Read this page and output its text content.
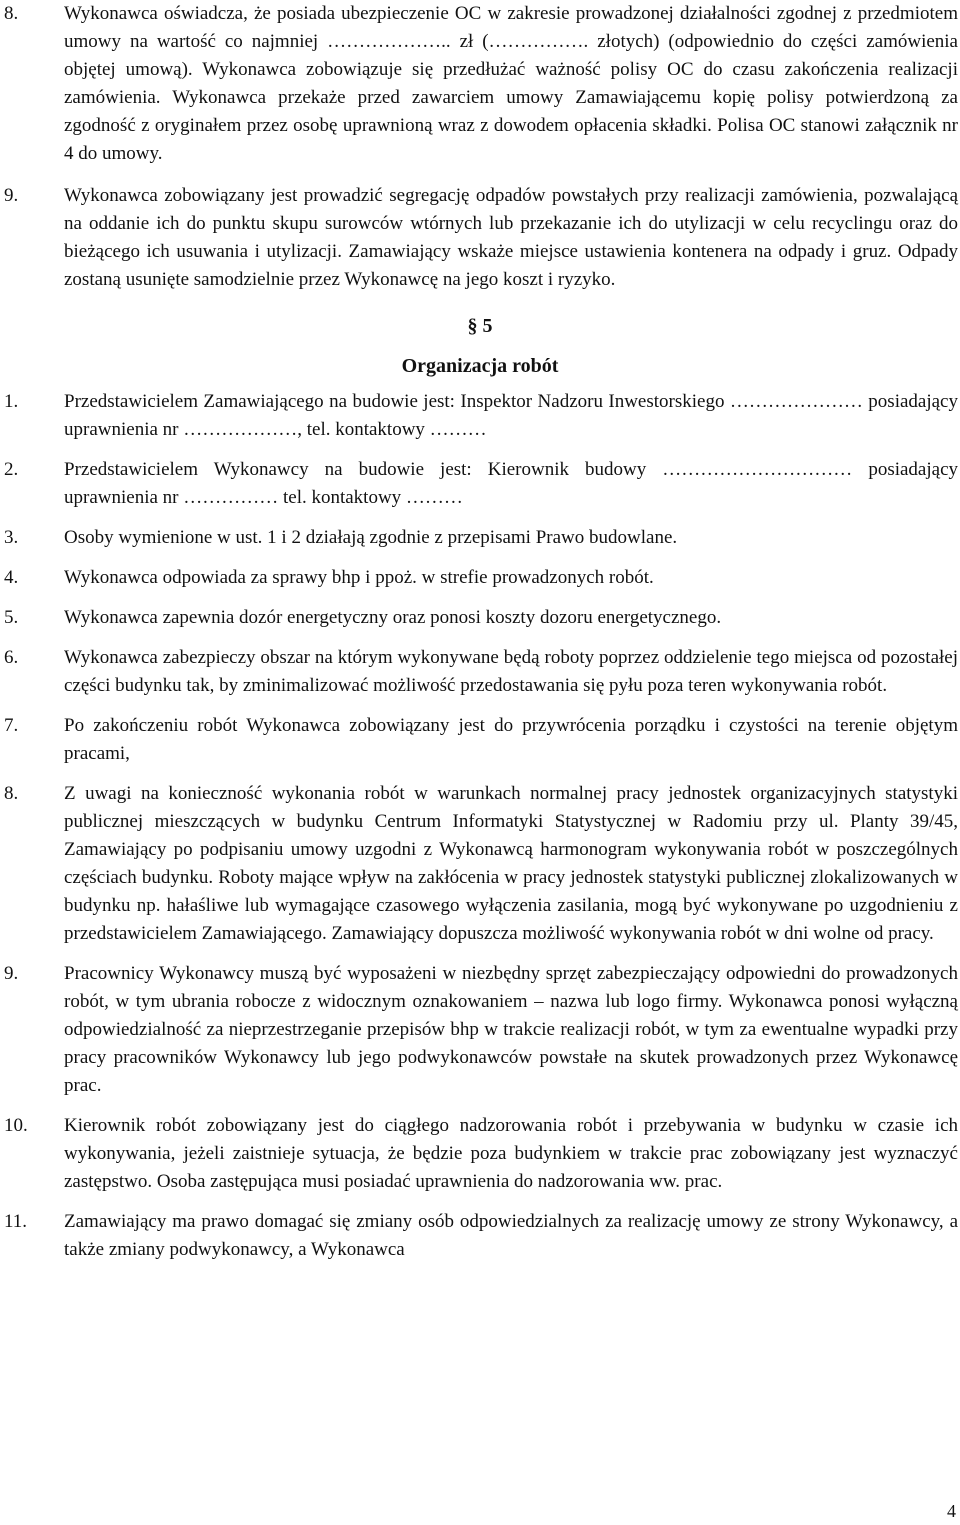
8. Wykonawca oświadcza, że posiada ubezpieczenie OC w zakresie prowadzonej działalności zgodnej z przedmiotem umowy na wartość co najmniej ……………….. zł (……………. złotych) (odpowiednio do części zamówienia objętej umową). Wykonawca zobowiązuje się przedłużać ważność polisy OC do czasu zakończenia realizacji zamówienia. Wykonawca przekaże przed zawarciem umowy Zamawiającemu kopię polisy potwierdzoną za zgodność z oryginałem przez osobę uprawnioną wraz z dowodem opłacenia składki. Polisa OC stanowi załącznik nr 4 do umowy.
9. Wykonawca zobowiązany jest prowadzić segregację odpadów powstałych przy realizacji zamówienia, pozwalającą na oddanie ich do punktu skupu surowców wtórnych lub przekazanie ich do utylizacji w celu recyclingu oraz do bieżącego ich usuwania i utylizacji. Zamawiający wskaże miejsce ustawienia kontenera na odpady i gruz. Odpady zostaną usunięte samodzielnie przez Wykonawcę na jego koszt i ryzyko.
§ 5
Organizacja robót
1. Przedstawicielem Zamawiającego na budowie jest: Inspektor Nadzoru Inwestorskiego ………………… posiadający uprawnienia nr ………………, tel. kontaktowy ………
2. Przedstawicielem Wykonawcy na budowie jest: Kierownik budowy ………………………… posiadający uprawnienia nr …………… tel. kontaktowy ………
3. Osoby wymienione w ust. 1 i 2 działają zgodnie z przepisami Prawo budowlane.
4. Wykonawca odpowiada za sprawy bhp i ppoż. w strefie prowadzonych robót.
5. Wykonawca zapewnia dozór energetyczny oraz ponosi koszty dozoru energetycznego.
6. Wykonawca zabezpieczy obszar na którym wykonywane będą roboty poprzez oddzielenie tego miejsca od pozostałej części budynku tak, by zminimalizować możliwość przedostawania się pyłu poza teren wykonywania robót.
7. Po zakończeniu robót Wykonawca zobowiązany jest do przywrócenia porządku i czystości na terenie objętym pracami,
8. Z uwagi na konieczność wykonania robót w warunkach normalnej pracy jednostek organizacyjnych statystyki publicznej mieszczących w budynku Centrum Informatyki Statystycznej w Radomiu przy ul. Planty 39/45, Zamawiający po podpisaniu umowy uzgodni z Wykonawcą harmonogram wykonywania robót w poszczególnych częściach budynku. Roboty mające wpływ na zakłócenia w pracy jednostek statystyki publicznej zlokalizowanych w budynku np. hałaśliwe lub wymagające czasowego wyłączenia zasilania, mogą być wykonywane po uzgodnieniu z przedstawicielem Zamawiającego. Zamawiający dopuszcza możliwość wykonywania robót w dni wolne od pracy.
9. Pracownicy Wykonawcy muszą być wyposażeni w niezbędny sprzęt zabezpieczający odpowiedni do prowadzonych robót, w tym ubrania robocze z widocznym oznakowaniem – nazwa lub logo firmy. Wykonawca ponosi wyłączną odpowiedzialność za nieprzestrzeganie przepisów bhp w trakcie realizacji robót, w tym za ewentualne wypadki przy pracy pracowników Wykonawcy lub jego podwykonawców powstałe na skutek prowadzonych przez Wykonawcę prac.
10. Kierownik robót zobowiązany jest do ciągłego nadzorowania robót i przebywania w budynku w czasie ich wykonywania, jeżeli zaistnieje sytuacja, że będzie poza budynkiem w trakcie prac zobowiązany jest wyznaczyć zastępstwo. Osoba zastępująca musi posiadać uprawnienia do nadzorowania ww. prac.
11. Zamawiający ma prawo domagać się zmiany osób odpowiedzialnych za realizację umowy ze strony Wykonawcy, a także zmiany podwykonawcy, a Wykonawca
4
